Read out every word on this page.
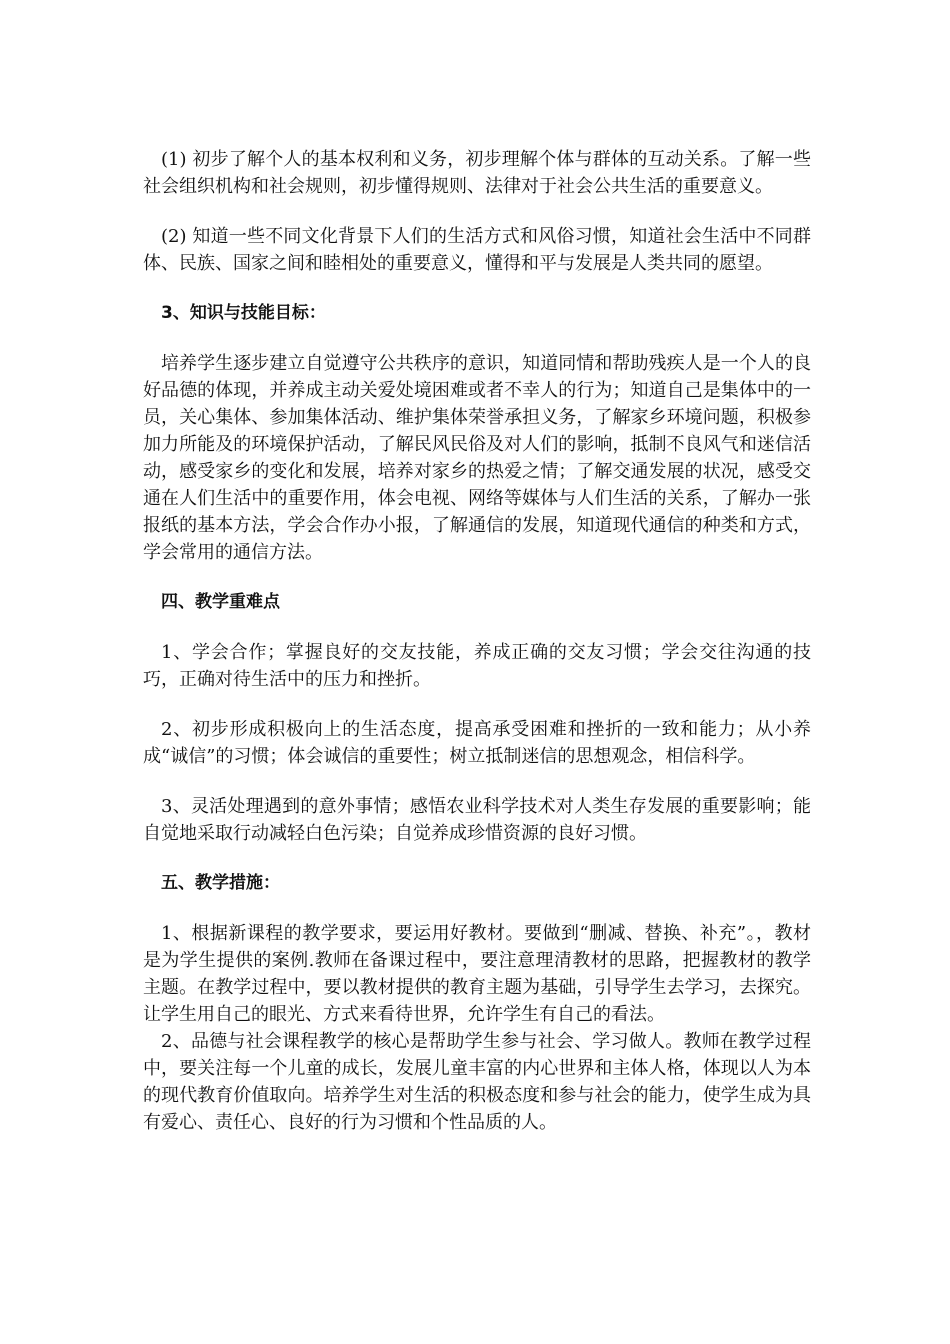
(1) 初步了解个人的基本权利和义务，初步理解个体与群体的互动关系。了解一些社会组织机构和社会规则，初步懂得规则、法律对于社会公共生活的重要意义。

(2) 知道一些不同文化背景下人们的生活方式和风俗习惯，知道社会生活中不同群体、民族、国家之间和睦相处的重要意义，懂得和平与发展是人类共同的愿望。

3、知识与技能目标：

培养学生逐步建立自觉遵守公共秩序的意识，知道同情和帮助残疾人是一个人的良好品德的体现，并养成主动关爱处境困难或者不幸人的行为；知道自己是集体中的一员，关心集体、参加集体活动、维护集体荣誉承担义务，了解家乡环境问题，积极参加力所能及的环境保护活动，了解民风民俗及对人们的影响，抵制不良风气和迷信活动，感受家乡的变化和发展，培养对家乡的热爱之情；了解交通发展的状况，感受交通在人们生活中的重要作用，体会电视、网络等媒体与人们生活的关系，了解办一张报纸的基本方法，学会合作办小报，了解通信的发展，知道现代通信的种类和方式，学会常用的通信方法。

四、教学重难点

1、学会合作；掌握良好的交友技能，养成正确的交友习惯；学会交往沟通的技巧，正确对待生活中的压力和挫折。

2、初步形成积极向上的生活态度，提高承受困难和挫折的一致和能力；从小养成“诚信”的习惯；体会诚信的重要性；树立抵制迷信的思想观念，相信科学。

3、灵活处理遇到的意外事情；感悟农业科学技术对人类生存发展的重要影响；能自觉地采取行动减轻白色污染；自觉养成珍惜资源的良好习惯。

五、教学措施：

1、根据新课程的教学要求，要运用好教材。要做到“删减、替换、补充”。，教材是为学生提供的案例.教师在备课过程中，要注意理清教材的思路，把握教材的教学主题。在教学过程中，要以教材提供的教育主题为基础，引导学生去学习，去探究。让学生用自己的眼光、方式来看待世界，允许学生有自己的看法。

2、品德与社会课程教学的核心是帮助学生参与社会、学习做人。教师在教学过程中，要关注每一个儿童的成长，发展儿童丰富的内心世界和主体人格，体现以人为本的现代教育价值取向。培养学生对生活的积极态度和参与社会的能力，使学生成为具有爱心、责任心、良好的行为习惯和个性品质的人。
